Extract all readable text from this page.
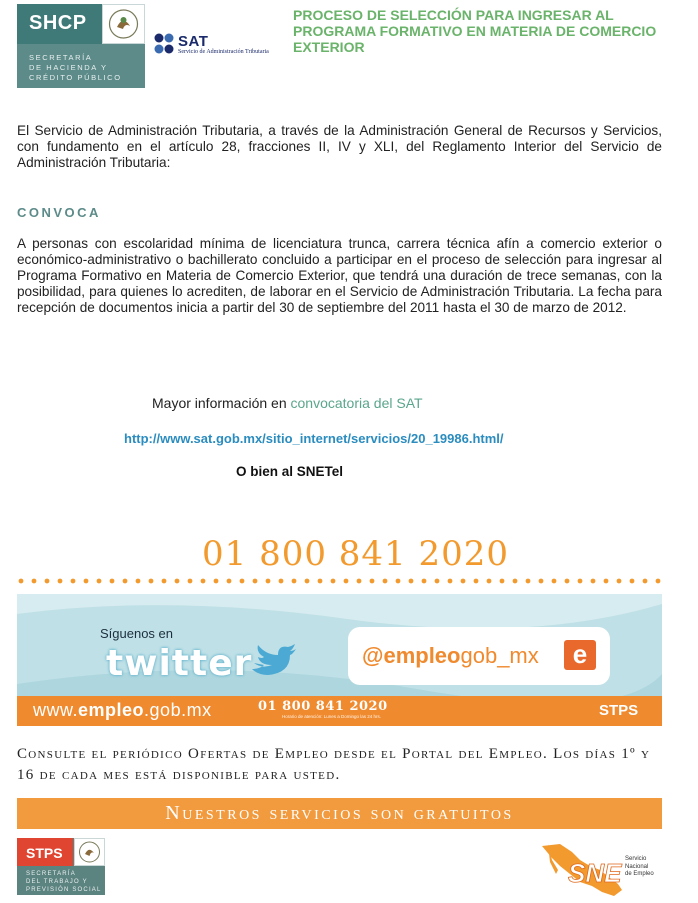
SHCP
SECRETARÍA
DE HACIENDA Y
CRÉDITO PÚBLICO
SAT
Servicio de Administración Tributaria
PROCESO DE SELECCIÓN PARA INGRESAR AL PROGRAMA FORMATIVO EN MATERIA DE COMERCIO EXTERIOR
El Servicio de Administración Tributaria, a través de la Administración General de Recursos y Servicios, con fundamento en el artículo 28, fracciones II, IV y XLI, del Reglamento Interior del Servicio de Administración Tributaria:
CONVOCA
A personas con escolaridad mínima de licenciatura trunca, carrera técnica afín a comercio exterior o económico-administrativo o bachillerato concluido a participar en el proceso de selección para ingresar al Programa Formativo en Materia de Comercio Exterior, que tendrá una duración de trece semanas, con la posibilidad, para quienes lo acrediten, de laborar en el Servicio de Administración Tributaria. La fecha para recepción de documentos inicia a partir del 30 de septiembre del 2011 hasta el 30 de marzo de 2012.
Mayor información en convocatoria del SAT
http://www.sat.gob.mx/sitio_internet/servicios/20_19986.html/
O bien al SNETel
01 800 841 2020
Síguenos en
twitter	@empleogob_mx	e
www.empleo.gob.mx	01 800 841 2020
Horario de atención: Lunes a Domingo las 24 hrs.	STPS
Consulte el periódico Ofertas de Empleo desde el Portal del Empleo. Los días 1º y 16 de cada mes está disponible para usted.
Nuestros servicios son gratuitos
STPS
SECRETARÍA
DEL TRABAJO Y
PREVISIÓN SOCIAL
SNE Servicio
Nacional
de Empleo
